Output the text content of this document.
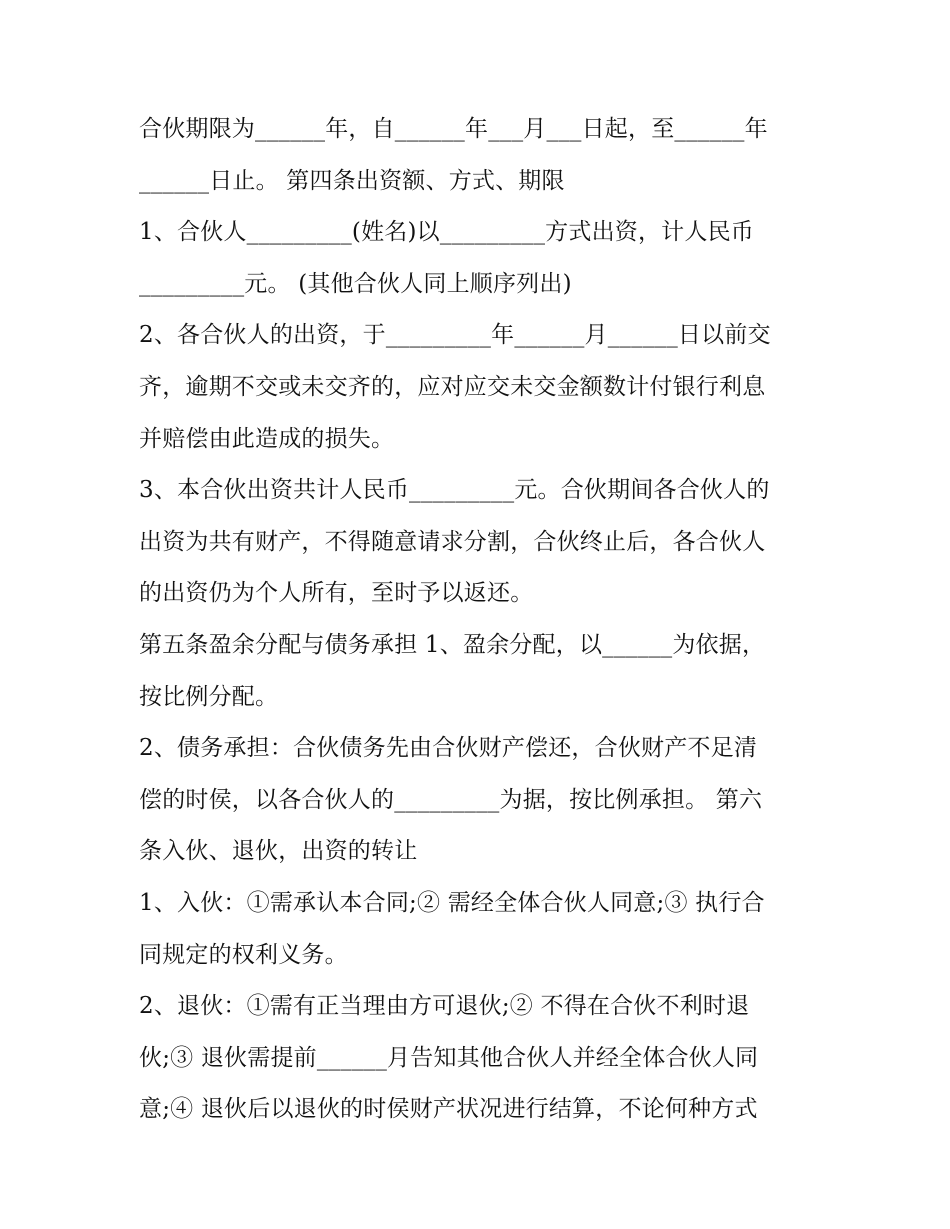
合伙期限为______年，自______年___月___日起，至______年
______日止。 第四条出资额、方式、期限
1、合伙人_________(姓名)以_________方式出资，计人民币
_________元。 (其他合伙人同上顺序列出)
2、各合伙人的出资，于_________年______月______日以前交
齐，逾期不交或未交齐的，应对应交未交金额数计付银行利息
并赔偿由此造成的损失。
3、本合伙出资共计人民币_________元。合伙期间各合伙人的
出资为共有财产，不得随意请求分割，合伙终止后，各合伙人
的出资仍为个人所有，至时予以返还。
第五条盈余分配与债务承担 1、盈余分配，以______为依据，
按比例分配。
2、债务承担：合伙债务先由合伙财产偿还，合伙财产不足清
偿的时侯，以各合伙人的_________为据，按比例承担。 第六
条入伙、退伙，出资的转让
1、入伙：①需承认本合同;② 需经全体合伙人同意;③ 执行合
同规定的权利义务。
2、退伙：①需有正当理由方可退伙;② 不得在合伙不利时退
伙;③ 退伙需提前______月告知其他合伙人并经全体合伙人同
意;④ 退伙后以退伙的时侯财产状况进行结算，不论何种方式
